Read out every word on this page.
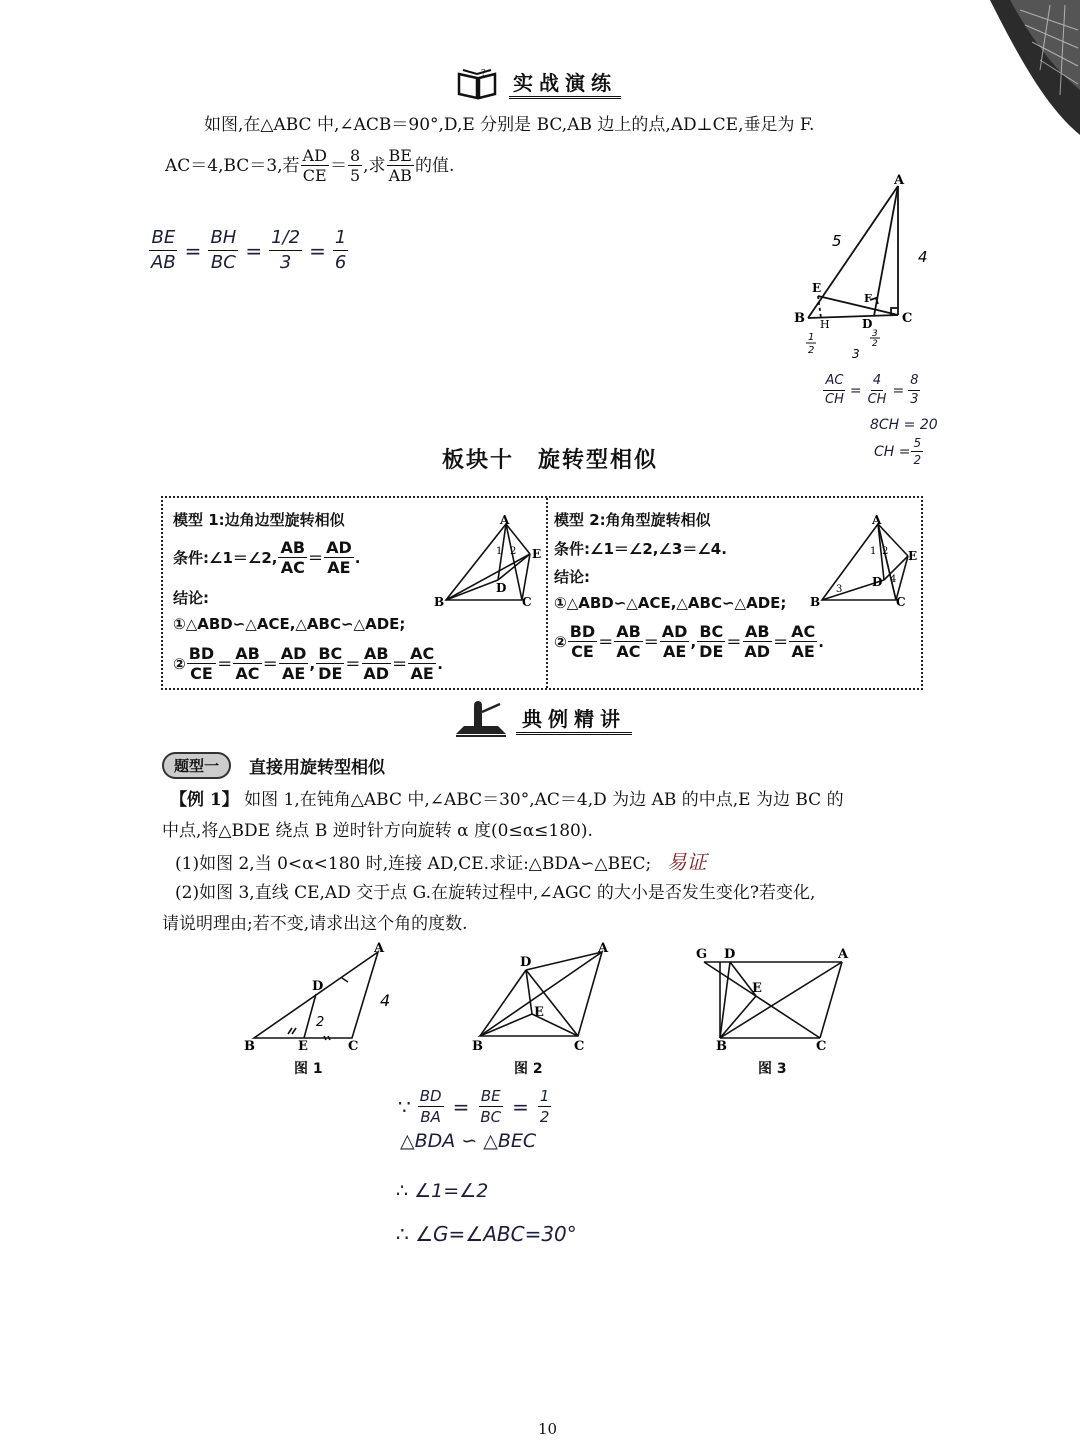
? 实战演练
如图,在△ABC 中,∠ACB＝90°,D,E 分别是 BC,AB 边上的点,AD⊥CE,垂足为 F.
AC＝4,BC＝3,若 $\frac{AD}{CE} = \frac{8}{5}$ ,求 $\frac{BE}{AB}$ 的值.
$\frac{BE}{AB} = \frac{BH}{BC} = \frac{1/2}{3} = \frac{1}{6}$
A
B	C
D
E
F
H
5
4
3
1
2
3
2
$\frac{AC}{CH} = \frac{4}{CH} = \frac{8}{3}$
8CH = 20
CH = $\frac{5}{2}$
板块十　旋转型相似
模型 1:边角边型旋转相似
条件:∠1＝∠2, $\frac{AB}{AC} = \frac{AD}{AE}$ .
结论:
①△ABD∽△ACE,△ABC∽△ADE;
② $\frac{BD}{CE} = \frac{AB}{AC} = \frac{AD}{AE}$ , $\frac{BC}{DE} = \frac{AB}{AD} = \frac{AC}{AE}$ .
A
B	C
D
E
1 2
模型 2:角角型旋转相似
条件:∠1＝∠2,∠3＝∠4.
结论:
①△ABD∽△ACE,△ABC∽△ADE;
② $\frac{BD}{CE} = \frac{AB}{AC} = \frac{AD}{AE}$ , $\frac{BC}{DE} = \frac{AB}{AD} = \frac{AC}{AE}$ .
A
B	C
D
E
1 2
3
4
典例精讲
题型一	直接用旋转型相似
【例 1】 如图 1,在钝角△ABC 中,∠ABC＝30°,AC＝4,D 为边 AB 的中点,E 为边 BC 的
中点,将△BDE 绕点 B 逆时针方向旋转 α 度(0≤α≤180).
(1)如图 2,当 0<α<180 时,连接 AD,CE.求证:△BDA∽△BEC; 易证
(2)如图 3,直线 CE,AD 交于点 G.在旋转过程中,∠AGC 的大小是否发生变化?若变化,
请说明理由;若不变,请求出这个角的度数.
A
B	C
D
E
4
2
图 1
A
B	C
D
E
图 2
G D	A
B	C
E
图 3
∵ $\frac{BD}{BA} = \frac{BE}{BC} = \frac{1}{2}$
△BDA ∽ △BEC
∴ ∠1=∠2
∴ ∠G=∠ABC=30°
10
